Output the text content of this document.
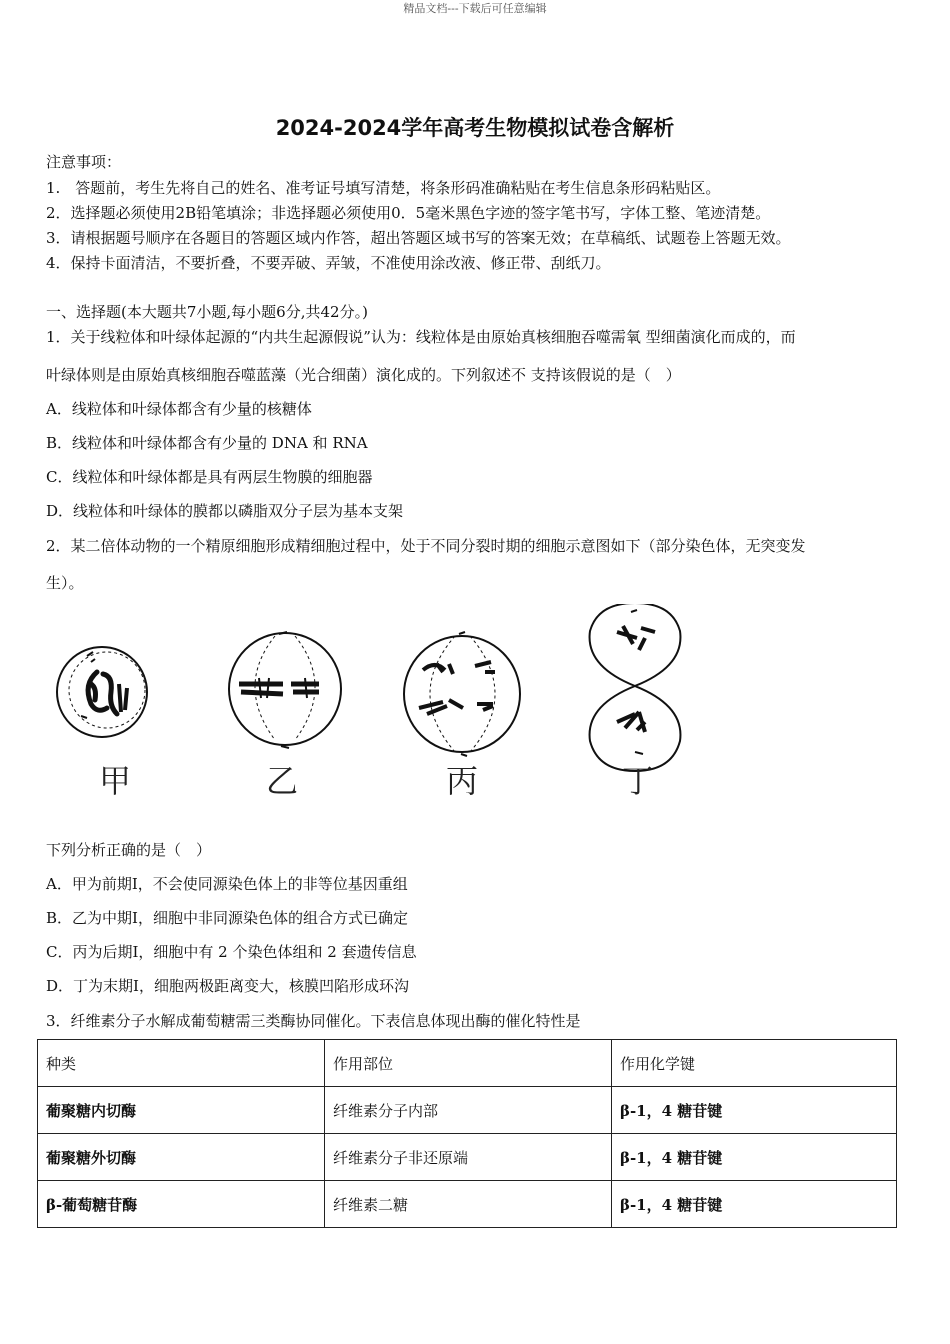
精品文档---下载后可任意编辑
2024-2024学年高考生物模拟试卷含解析
注意事项：
1.　答题前，考生先将自己的姓名、准考证号填写清楚，将条形码准确粘贴在考生信息条形码粘贴区。
2．选择题必须使用2B铅笔填涂；非选择题必须使用0．5毫米黑色字迹的签字笔书写，字体工整、笔迹清楚。
3．请根据题号顺序在各题目的答题区域内作答，超出答题区域书写的答案无效；在草稿纸、试题卷上答题无效。
4．保持卡面清洁，不要折叠，不要弄破、弄皱，不准使用涂改液、修正带、刮纸刀。
一、选择题(本大题共7小题,每小题6分,共42分。)
1．关于线粒体和叶绿体起源的“内共生起源假说”认为：线粒体是由原始真核细胞吞噬需氧 型细菌演化而成的，而
叶绿体则是由原始真核细胞吞噬蓝藻（光合细菌）演化成的。下列叙述不 支持该假说的是（　）
A．线粒体和叶绿体都含有少量的核糖体
B．线粒体和叶绿体都含有少量的 DNA 和 RNA
C．线粒体和叶绿体都是具有两层生物膜的细胞器
D．线粒体和叶绿体的膜都以磷脂双分子层为基本支架
2．某二倍体动物的一个精原细胞形成精细胞过程中，处于不同分裂时期的细胞示意图如下（部分染色体，无突变发
生）。
甲	乙	丙	丁
下列分析正确的是（　）
A．甲为前期Ⅰ，不会使同源染色体上的非等位基因重组
B．乙为中期Ⅰ，细胞中非同源染色体的组合方式已确定
C．丙为后期Ⅰ，细胞中有 2 个染色体组和 2 套遗传信息
D．丁为末期Ⅰ，细胞两极距离变大，核膜凹陷形成环沟
3．纤维素分子水解成葡萄糖需三类酶协同催化。下表信息体现出酶的催化特性是
种类	作用部位	作用化学键
葡聚糖内切酶	纤维素分子内部	β-1，4 糖苷键
葡聚糖外切酶	纤维素分子非还原端	β-1，4 糖苷键
β-葡萄糖苷酶	纤维素二糖	β-1，4 糖苷键
